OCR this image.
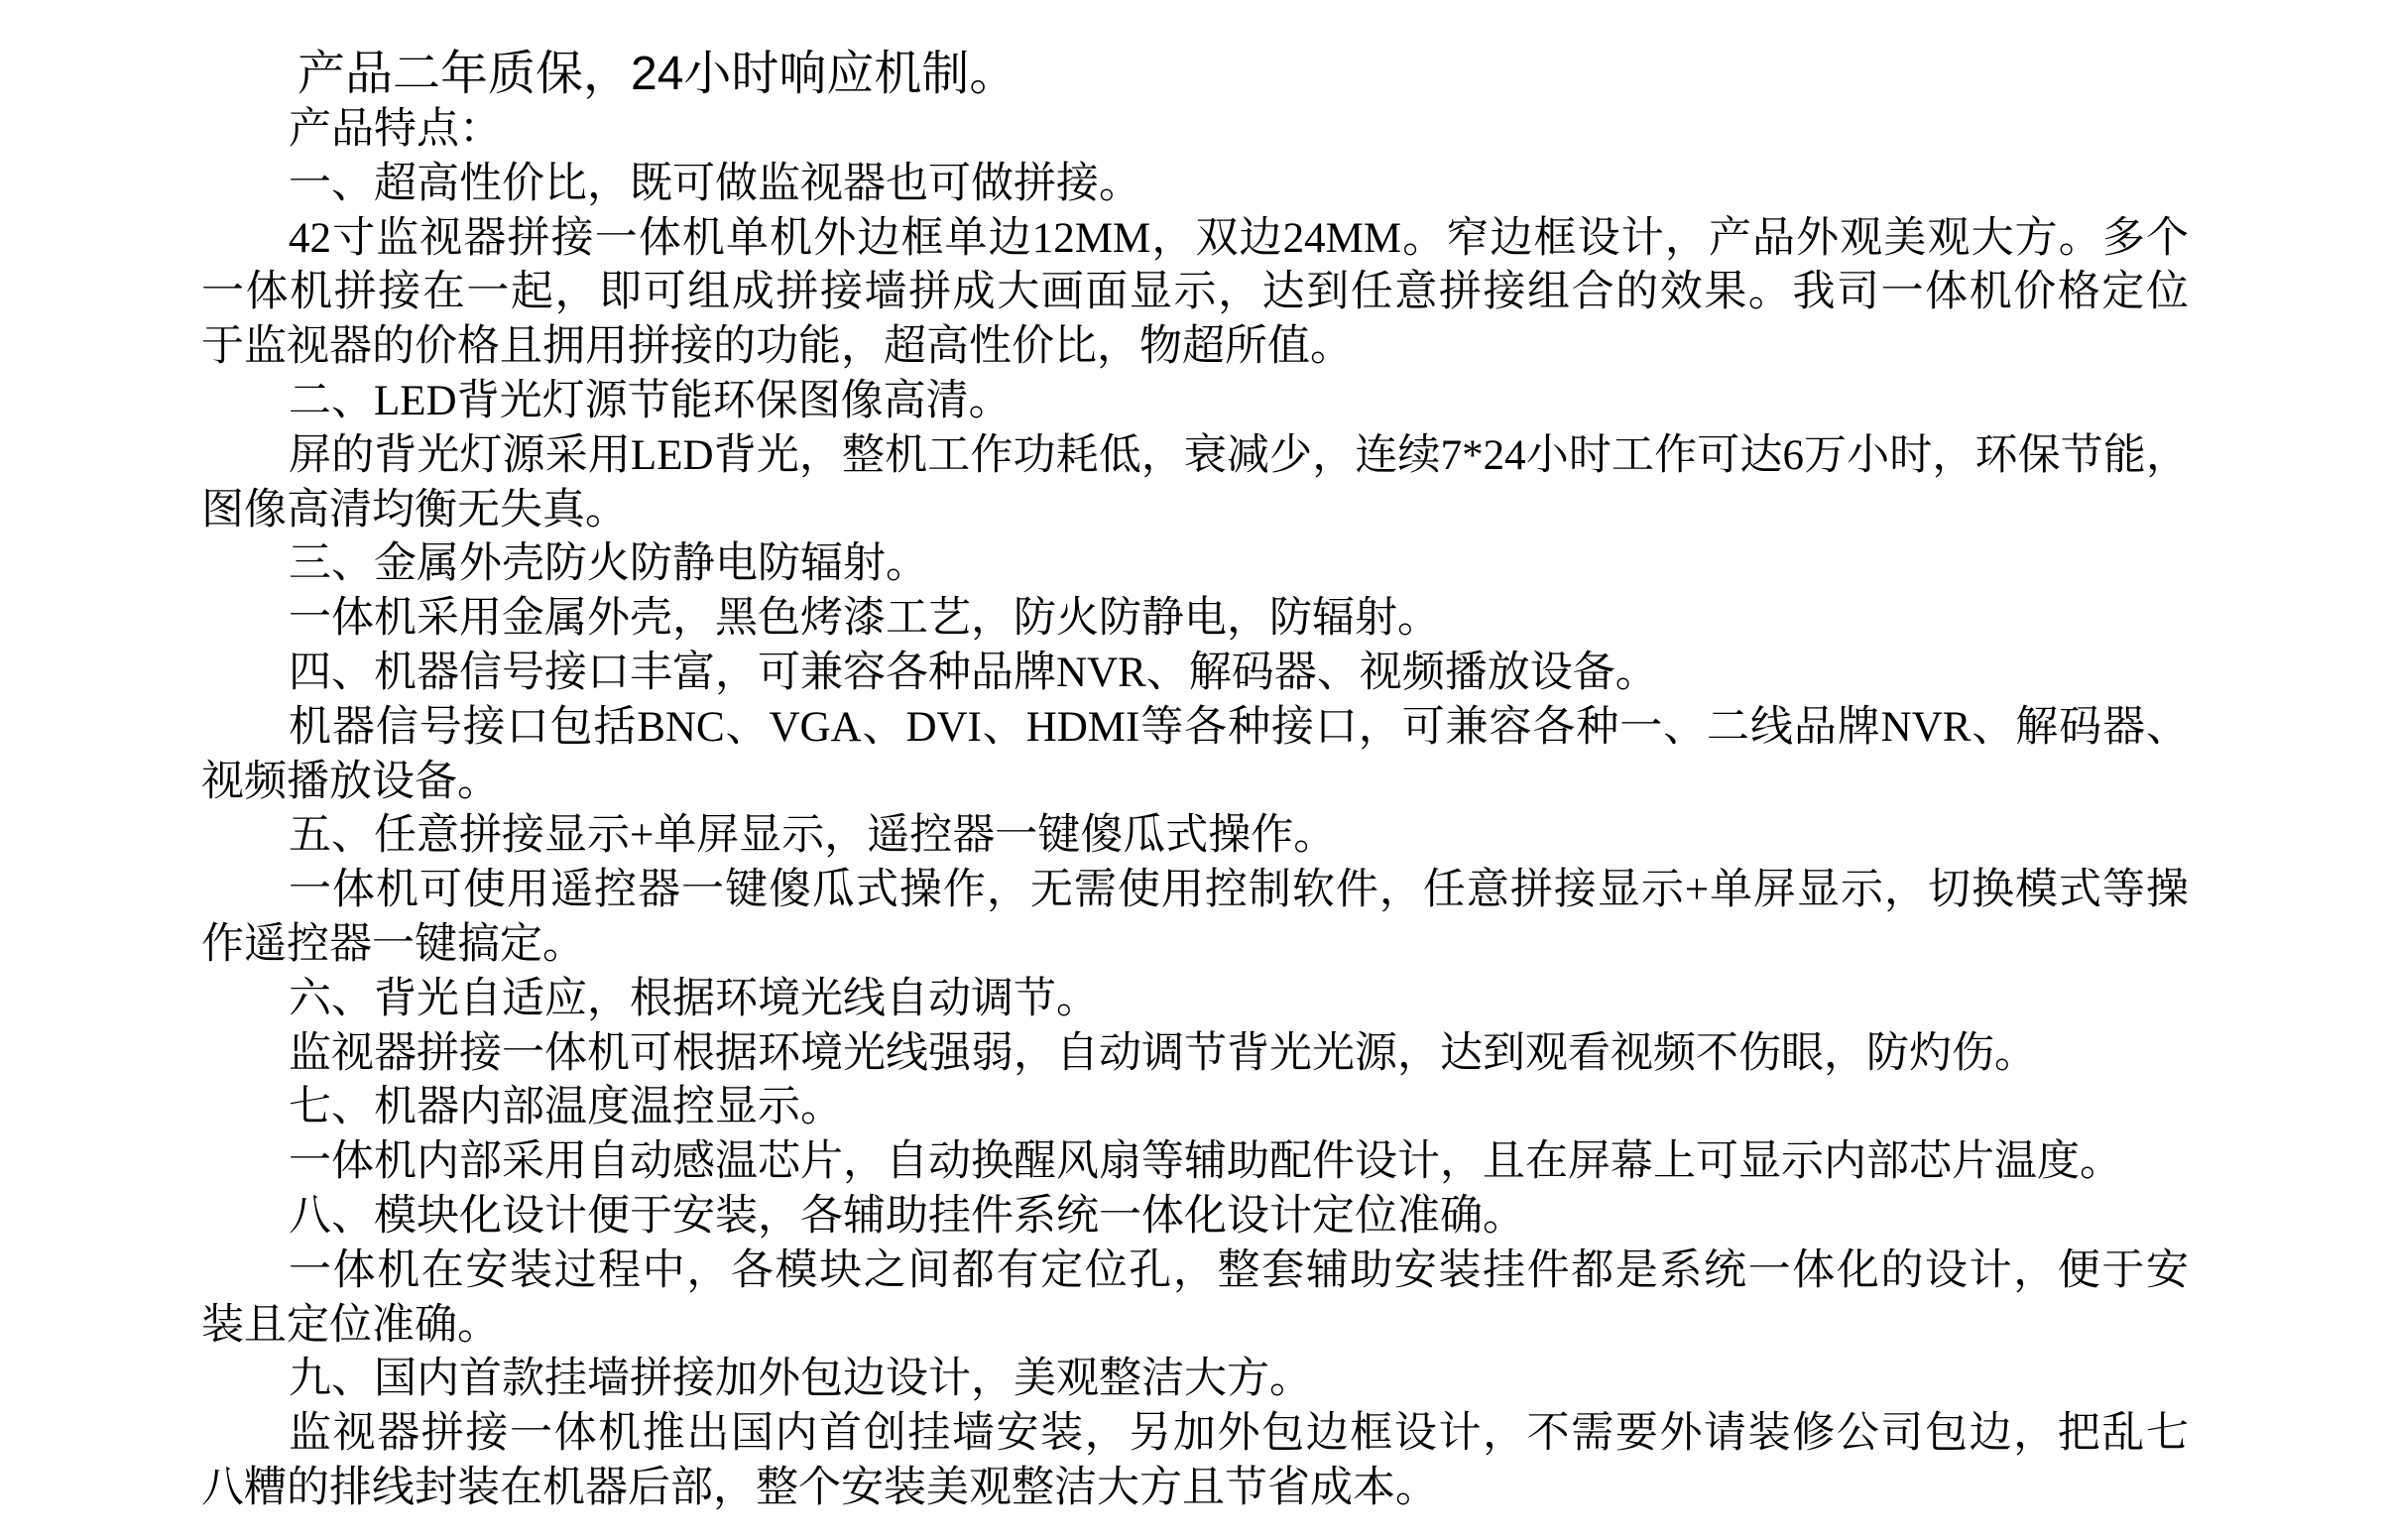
产品二年质保，24小时响应机制。
产品特点：
一、超高性价比，既可做监视器也可做拼接。
42寸监视器拼接一体机单机外边框单边12MM，双边24MM。窄边框设计，产品外观美观大方。多个
一体机拼接在一起，即可组成拼接墙拼成大画面显示，达到任意拼接组合的效果。我司一体机价格定位
于监视器的价格且拥用拼接的功能，超高性价比，物超所值。
二、LED背光灯源节能环保图像高清。
屏的背光灯源采用LED背光，整机工作功耗低，衰减少，连续7*24小时工作可达6万小时，环保节能，
图像高清均衡无失真。
三、金属外壳防火防静电防辐射。
一体机采用金属外壳，黑色烤漆工艺，防火防静电，防辐射。
四、机器信号接口丰富，可兼容各种品牌NVR、解码器、视频播放设备。
机器信号接口包括BNC、VGA、DVI、HDMI等各种接口，可兼容各种一、二线品牌NVR、解码器、
视频播放设备。
五、任意拼接显示+单屏显示，遥控器一键傻瓜式操作。
一体机可使用遥控器一键傻瓜式操作，无需使用控制软件，任意拼接显示+单屏显示，切换模式等操
作遥控器一键搞定。
六、背光自适应，根据环境光线自动调节。
监视器拼接一体机可根据环境光线强弱，自动调节背光光源，达到观看视频不伤眼，防灼伤。
七、机器内部温度温控显示。
一体机内部采用自动感温芯片，自动换醒风扇等辅助配件设计，且在屏幕上可显示内部芯片温度。
八、模块化设计便于安装，各辅助挂件系统一体化设计定位准确。
一体机在安装过程中，各模块之间都有定位孔，整套辅助安装挂件都是系统一体化的设计，便于安
装且定位准确。
九、国内首款挂墙拼接加外包边设计，美观整洁大方。
监视器拼接一体机推出国内首创挂墙安装，另加外包边框设计，不需要外请装修公司包边，把乱七
八糟的排线封装在机器后部，整个安装美观整洁大方且节省成本。
